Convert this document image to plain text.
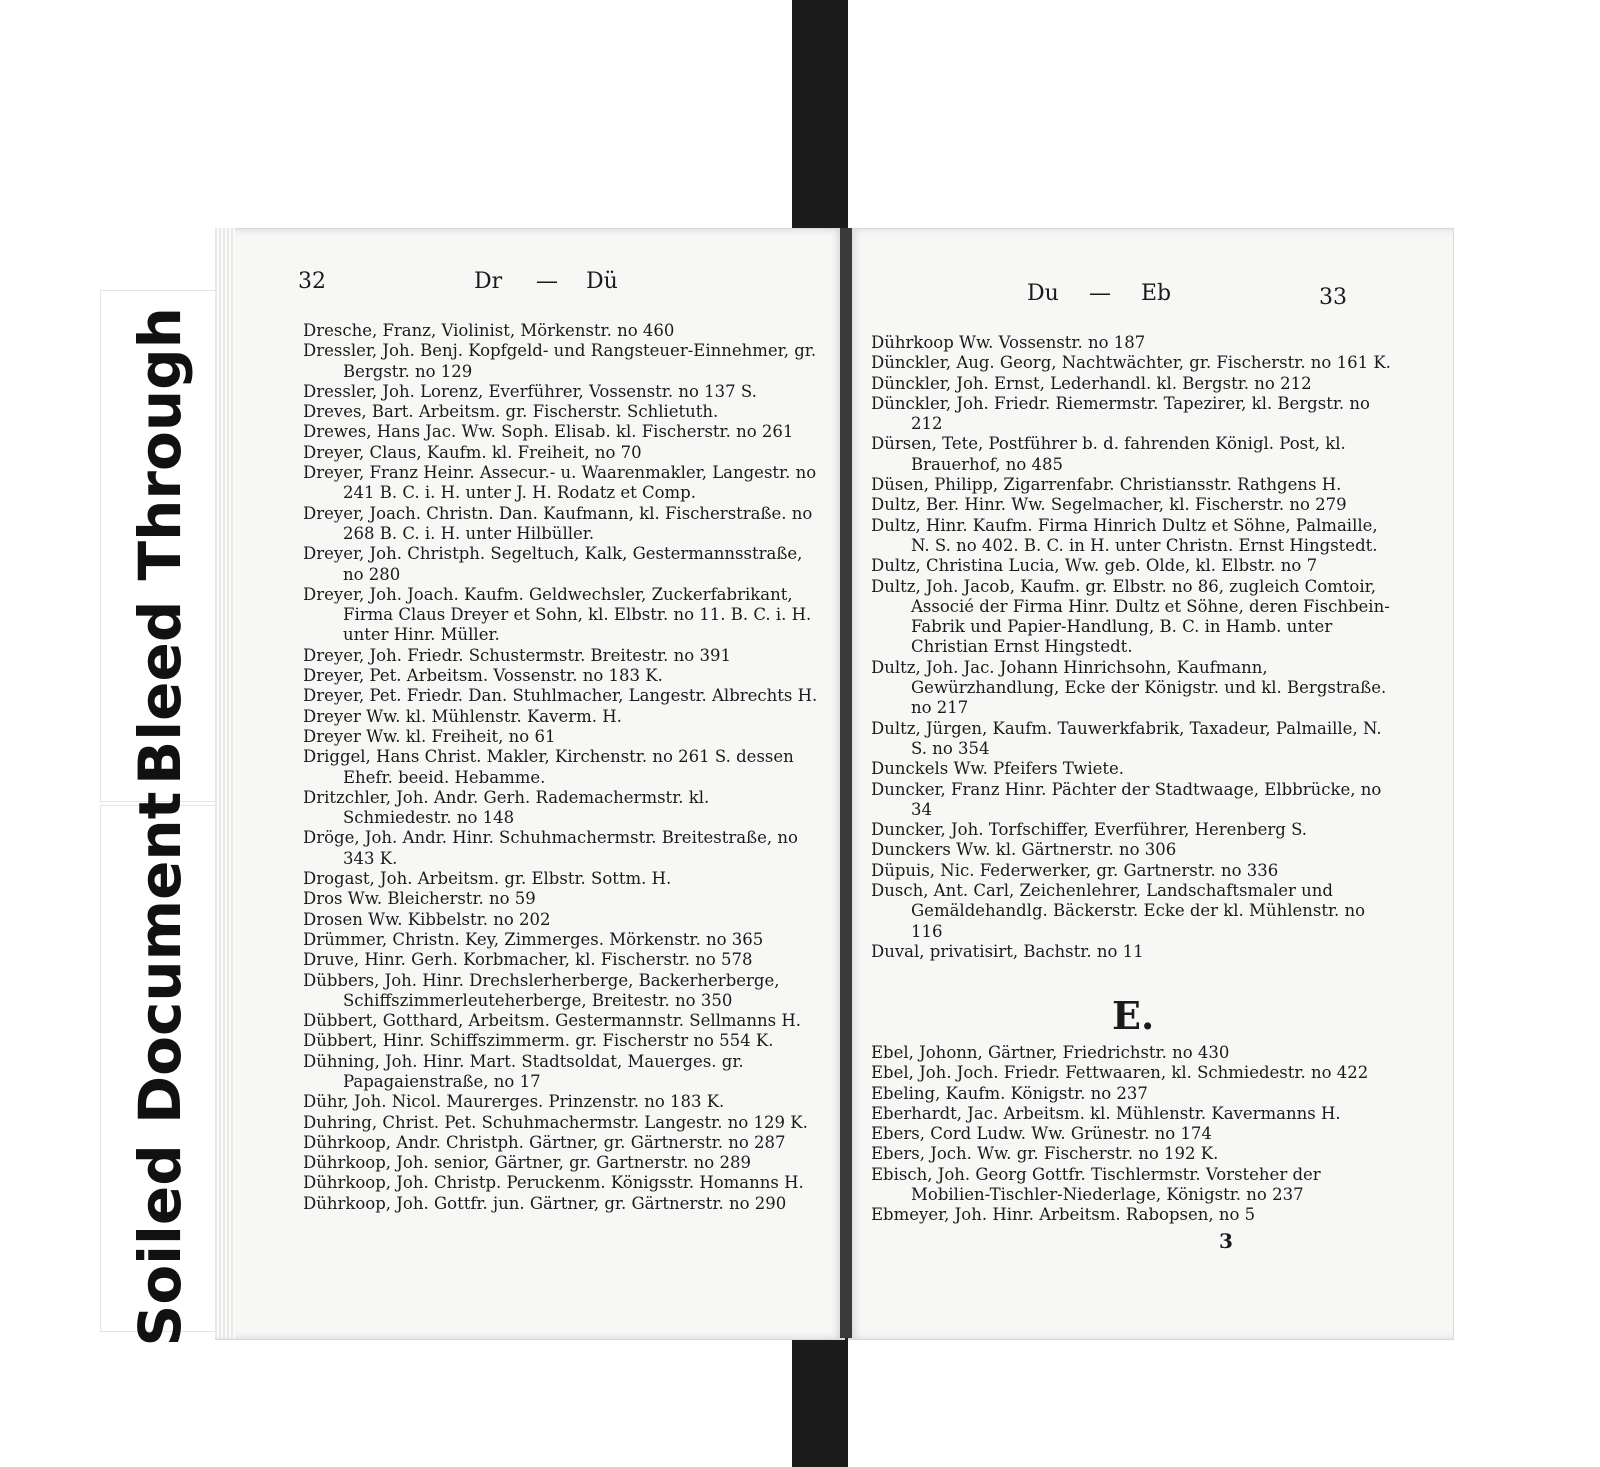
Bleed Through
Soiled Document
32	Dr — Dü
Dresche, Franz, Violinist, Mörkenstr. no 460
Dressler, Joh. Benj. Kopfgeld- und Rangsteuer-Einnehmer, gr. Bergstr. no 129
Dressler, Joh. Lorenz, Everführer, Vossenstr. no 137 S.
Dreves, Bart. Arbeitsm. gr. Fischerstr. Schlietuth.
Drewes, Hans Jac. Ww. Soph. Elisab. kl. Fischerstr. no 261
Dreyer, Claus, Kaufm. kl. Freiheit, no 70
Dreyer, Franz Heinr. Assecur.- u. Waarenmakler, Langestr. no 241 B. C. i. H. unter J. H. Rodatz et Comp.
Dreyer, Joach. Christn. Dan. Kaufmann, kl. Fischerstraße. no 268 B. C. i. H. unter Hilbüller.
Dreyer, Joh. Christph. Segeltuch, Kalk, Gestermannsstraße, no 280
Dreyer, Joh. Joach. Kaufm. Geldwechsler, Zuckerfabrikant, Firma Claus Dreyer et Sohn, kl. Elbstr. no 11. B. C. i. H. unter Hinr. Müller.
Dreyer, Joh. Friedr. Schustermstr. Breitestr. no 391
Dreyer, Pet. Arbeitsm. Vossenstr. no 183 K.
Dreyer, Pet. Friedr. Dan. Stuhlmacher, Langestr. Albrechts H.
Dreyer Ww. kl. Mühlenstr. Kaverm. H.
Dreyer Ww. kl. Freiheit, no 61
Driggel, Hans Christ. Makler, Kirchenstr. no 261 S. dessen Ehefr. beeid. Hebamme.
Dritzchler, Joh. Andr. Gerh. Rademachermstr. kl. Schmiedestr. no 148
Dröge, Joh. Andr. Hinr. Schuhmachermstr. Breitestraße, no 343 K.
Drogast, Joh. Arbeitsm. gr. Elbstr. Sottm. H.
Dros Ww. Bleicherstr. no 59
Drosen Ww. Kibbelstr. no 202
Drümmer, Christn. Key, Zimmerges. Mörkenstr. no 365
Druve, Hinr. Gerh. Korbmacher, kl. Fischerstr. no 578
Dübbers, Joh. Hinr. Drechslerherberge, Backerherberge, Schiffszimmerleuteherberge, Breitestr. no 350
Dübbert, Gotthard, Arbeitsm. Gestermannstr. Sellmanns H.
Dübbert, Hinr. Schiffszimmerm. gr. Fischerstr no 554 K.
Dühning, Joh. Hinr. Mart. Stadtsoldat, Mauerges. gr. Papagaienstraße, no 17
Dühr, Joh. Nicol. Maurerges. Prinzenstr. no 183 K.
Duhring, Christ. Pet. Schuhmachermstr. Langestr. no 129 K.
Dührkoop, Andr. Christph. Gärtner, gr. Gärtnerstr. no 287
Dührkoop, Joh. senior, Gärtner, gr. Gartnerstr. no 289
Dührkoop, Joh. Christp. Peruckenm. Königsstr. Homanns H.
Dührkoop, Joh. Gottfr. jun. Gärtner, gr. Gärtnerstr. no 290
Du — Eb	33
Dührkoop Ww. Vossenstr. no 187
Dünckler, Aug. Georg, Nachtwächter, gr. Fischerstr. no 161 K.
Dünckler, Joh. Ernst, Lederhandl. kl. Bergstr. no 212
Dünckler, Joh. Friedr. Riemermstr. Tapezirer, kl. Bergstr. no 212
Dürsen, Tete, Postführer b. d. fahrenden Königl. Post, kl. Brauerhof, no 485
Düsen, Philipp, Zigarrenfabr. Christiansstr. Rathgens H.
Dultz, Ber. Hinr. Ww. Segelmacher, kl. Fischerstr. no 279
Dultz, Hinr. Kaufm. Firma Hinrich Dultz et Söhne, Palmaille, N. S. no 402. B. C. in H. unter Christn. Ernst Hingstedt.
Dultz, Christina Lucia, Ww. geb. Olde, kl. Elbstr. no 7
Dultz, Joh. Jacob, Kaufm. gr. Elbstr. no 86, zugleich Comtoir, Associé der Firma Hinr. Dultz et Söhne, deren Fischbein-Fabrik und Papier-Handlung, B. C. in Hamb. unter Christian Ernst Hingstedt.
Dultz, Joh. Jac. Johann Hinrichsohn, Kaufmann, Gewürzhandlung, Ecke der Königstr. und kl. Bergstraße. no 217
Dultz, Jürgen, Kaufm. Tauwerkfabrik, Taxadeur, Palmaille, N. S. no 354
Dunckels Ww. Pfeifers Twiete.
Duncker, Franz Hinr. Pächter der Stadtwaage, Elbbrücke, no 34
Duncker, Joh. Torfschiffer, Everführer, Herenberg S.
Dunckers Ww. kl. Gärtnerstr. no 306
Düpuis, Nic. Federwerker, gr. Gartnerstr. no 336
Dusch, Ant. Carl, Zeichenlehrer, Landschaftsmaler und Gemäldehandlg. Bäckerstr. Ecke der kl. Mühlenstr. no 116
Duval, privatisirt, Bachstr. no 11
E.
Ebel, Johonn, Gärtner, Friedrichstr. no 430
Ebel, Joh. Joch. Friedr. Fettwaaren, kl. Schmiedestr. no 422
Ebeling, Kaufm. Königstr. no 237
Eberhardt, Jac. Arbeitsm. kl. Mühlenstr. Kavermanns H.
Ebers, Cord Ludw. Ww. Grünestr. no 174
Ebers, Joch. Ww. gr. Fischerstr. no 192 K.
Ebisch, Joh. Georg Gottfr. Tischlermstr. Vorsteher der Mobilien-Tischler-Niederlage, Königstr. no 237
Ebmeyer, Joh. Hinr. Arbeitsm. Rabopsen, no 5
3
